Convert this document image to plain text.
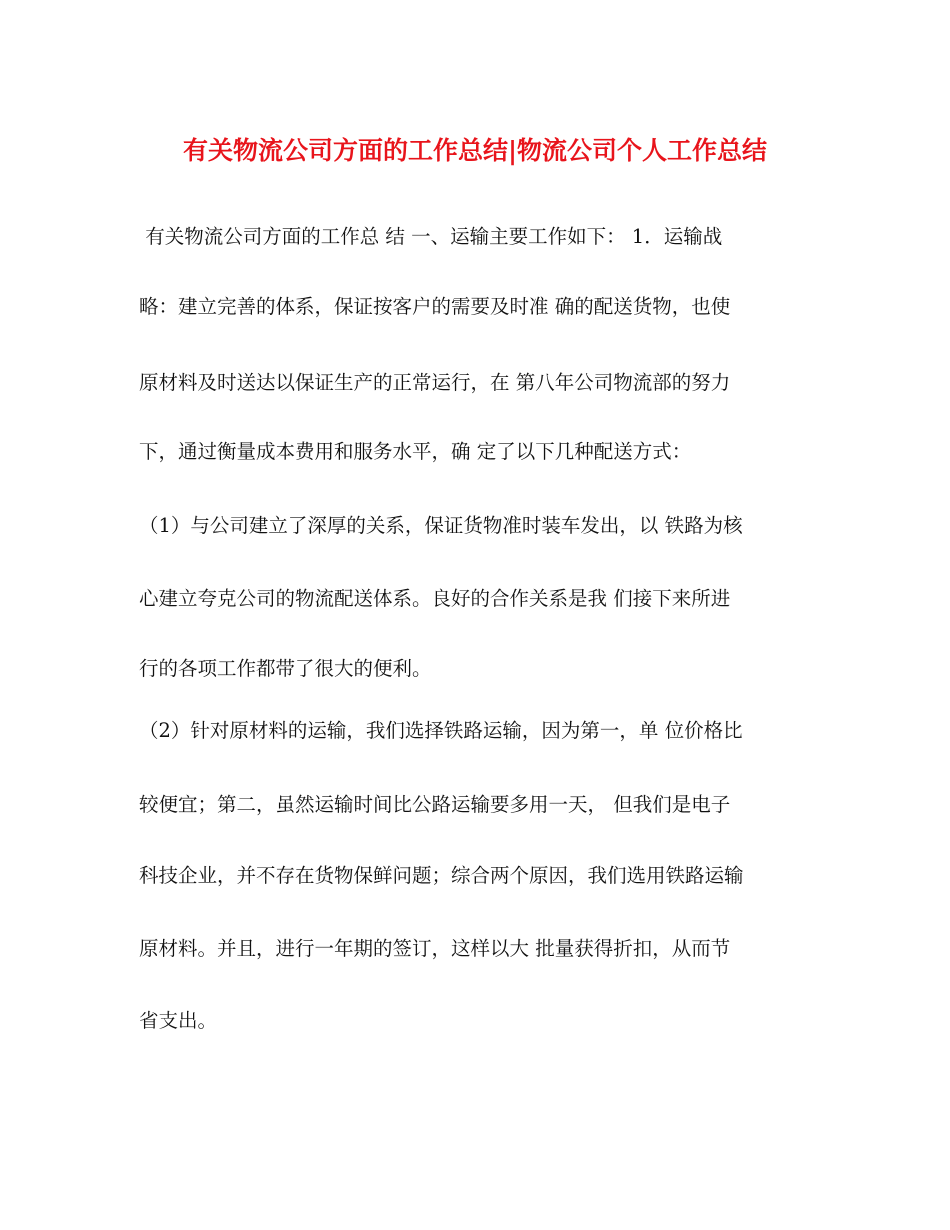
有关物流公司方面的工作总结|物流公司个人工作总结

有关物流公司方面的工作总 结 一、运输主要工作如下： 1．运输战

略：建立完善的体系，保证按客户的需要及时准 确的配送货物，也使

原材料及时送达以保证生产的正常运行，在 第八年公司物流部的努力

下，通过衡量成本费用和服务水平，确 定了以下几种配送方式：

（1）与公司建立了深厚的关系，保证货物准时装车发出，以 铁路为核

心建立夸克公司的物流配送体系。良好的合作关系是我 们接下来所进

行的各项工作都带了很大的便利。

（2）针对原材料的运输，我们选择铁路运输，因为第一，单 位价格比

较便宜；第二，虽然运输时间比公路运输要多用一天， 但我们是电子

科技企业，并不存在货物保鲜问题；综合两个原因，我们选用铁路运输

原材料。并且，进行一年期的签订，这样以大 批量获得折扣，从而节

省支出。
